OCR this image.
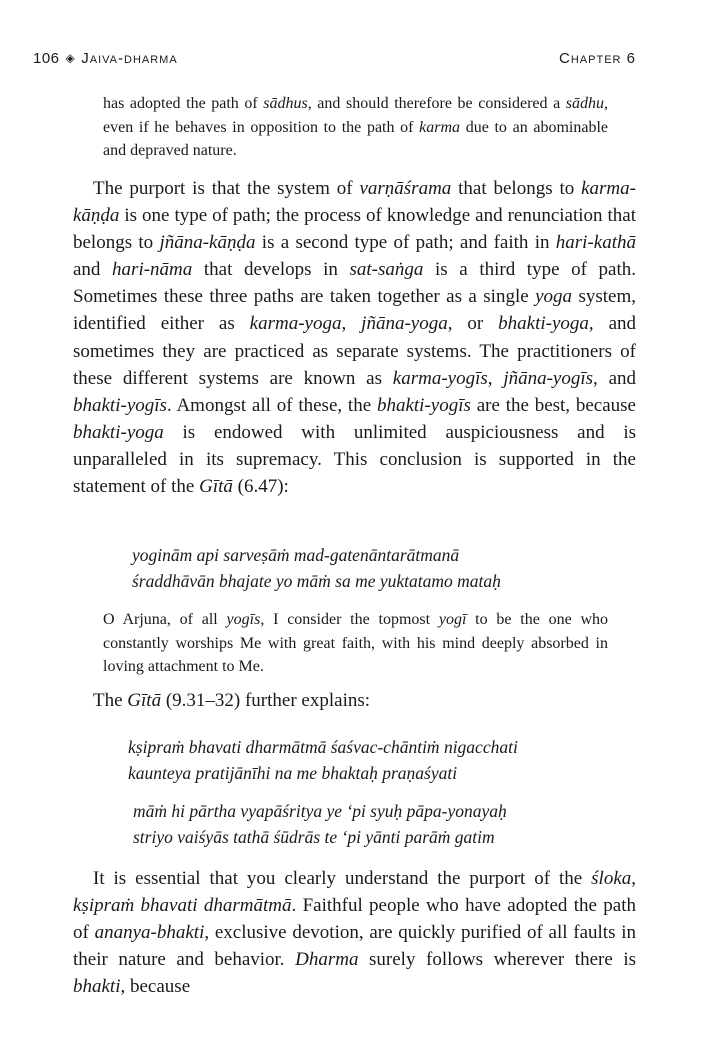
106 ◈ Jaiva-dharma	Chapter 6
has adopted the path of sādhus, and should therefore be considered a sādhu, even if he behaves in opposition to the path of karma due to an abominable and depraved nature.
The purport is that the system of varṇāśrama that belongs to karma-kāṇḍa is one type of path; the process of knowledge and renunciation that belongs to jñāna-kāṇḍa is a second type of path; and faith in hari-kathā and hari-nāma that develops in sat-saṅga is a third type of path. Sometimes these three paths are taken together as a single yoga system, identified either as karma-yoga, jñāna-yoga, or bhakti-yoga, and sometimes they are practiced as separate systems. The practitioners of these different systems are known as karma-yogīs, jñāna-yogīs, and bhakti-yogīs. Amongst all of these, the bhakti-yogīs are the best, because bhakti-yoga is endowed with unlimited auspiciousness and is unparalleled in its supremacy. This conclusion is supported in the statement of the Gītā (6.47):
yoginām api sarveṣāṁ mad-gatenāntarātmanā
śraddhāvān bhajate yo māṁ sa me yuktatamo mataḥ
O Arjuna, of all yogīs, I consider the topmost yogī to be the one who constantly worships Me with great faith, with his mind deeply absorbed in loving attachment to Me.
The Gītā (9.31–32) further explains:
kṣipraṁ bhavati dharmātmā śaśvac-chāntiṁ nigacchati
kaunteya pratijānīhi na me bhaktaḥ praṇaśyati
māṁ hi pārtha vyapāśritya ye ‘pi syuḥ pāpa-yonayaḥ
striyo vaiśyās tathā śūdrās te ‘pi yānti parāṁ gatim
It is essential that you clearly understand the purport of the śloka, kṣipraṁ bhavati dharmātmā. Faithful people who have adopted the path of ananya-bhakti, exclusive devotion, are quickly purified of all faults in their nature and behavior. Dharma surely follows wherever there is bhakti, because
